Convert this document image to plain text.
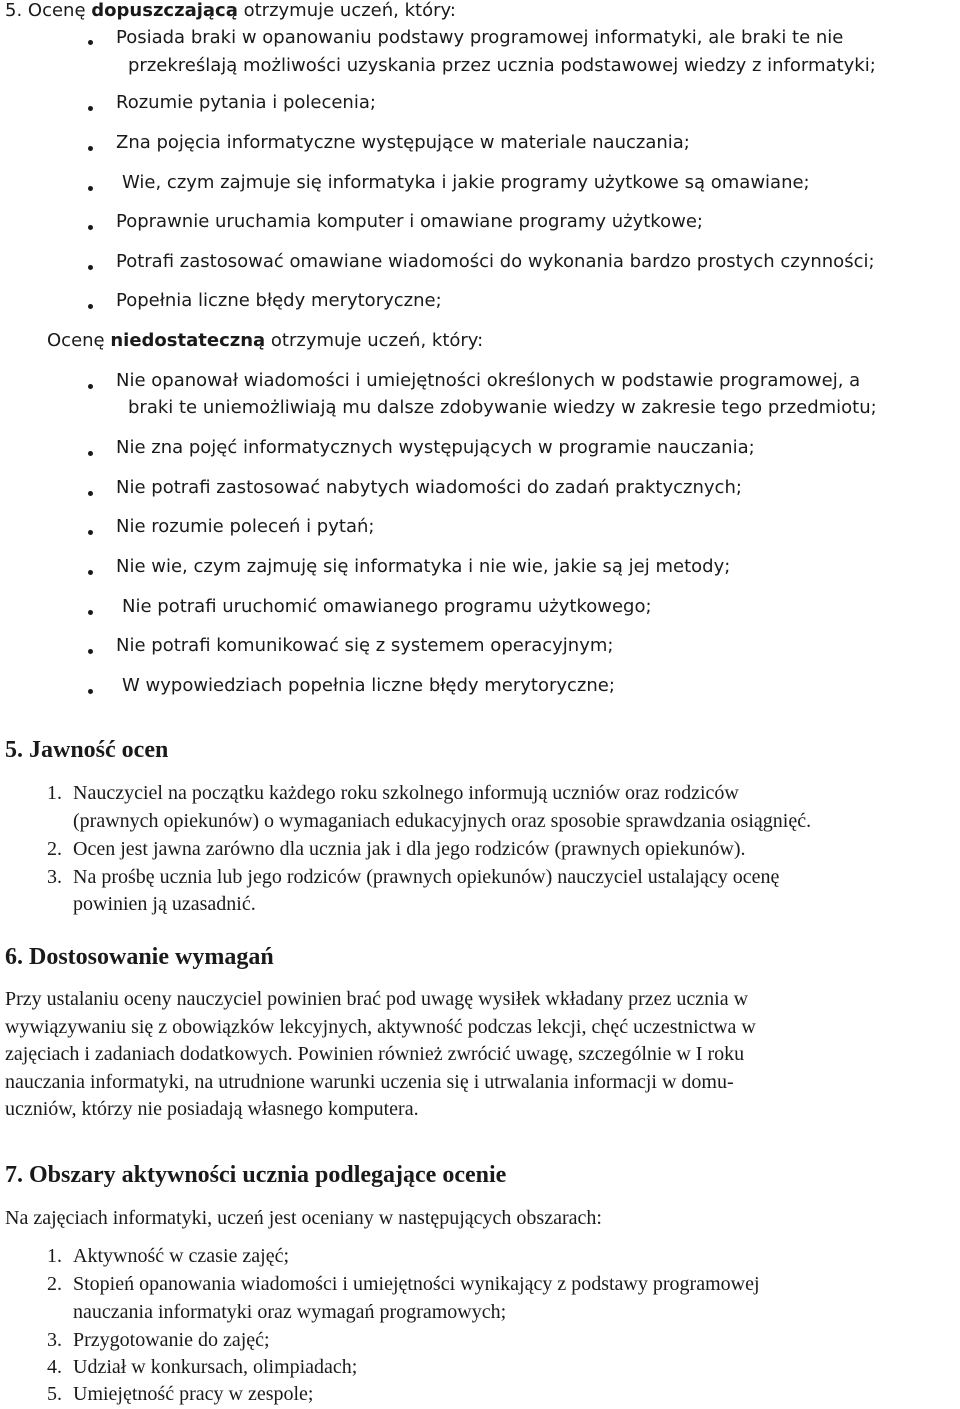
5. Ocenę dopuszczającą otrzymuje uczeń, który:
Posiada braki w opanowaniu podstawy programowej informatyki, ale braki te nie
przekreślają możliwości uzyskania przez ucznia podstawowej wiedzy z informatyki;
Rozumie pytania i polecenia;
Zna pojęcia informatyczne występujące w materiale nauczania;
Wie, czym zajmuje się informatyka i jakie programy użytkowe są omawiane;
Poprawnie uruchamia komputer i omawiane programy użytkowe;
Potrafi zastosować omawiane wiadomości do wykonania bardzo prostych czynności;
Popełnia liczne błędy merytoryczne;
Ocenę niedostateczną otrzymuje uczeń, który:
Nie opanował wiadomości i umiejętności określonych w podstawie programowej, a
braki te uniemożliwiają mu dalsze zdobywanie wiedzy w zakresie tego przedmiotu;
Nie zna pojęć informatycznych występujących w programie nauczania;
Nie potrafi zastosować nabytych wiadomości do zadań praktycznych;
Nie rozumie poleceń i pytań;
Nie wie, czym zajmuję się informatyka i nie wie, jakie są jej metody;
Nie potrafi uruchomić omawianego programu użytkowego;
Nie potrafi komunikować się z systemem operacyjnym;
W wypowiedziach popełnia liczne błędy merytoryczne;
5. Jawność ocen
1. Nauczyciel na początku każdego roku szkolnego informują uczniów oraz rodziców
(prawnych opiekunów) o wymaganiach edukacyjnych oraz sposobie sprawdzania osiągnięć.
2. Ocen jest jawna zarówno dla ucznia jak i dla jego rodziców (prawnych opiekunów).
3. Na prośbę ucznia lub jego rodziców (prawnych opiekunów) nauczyciel ustalający ocenę
powinien ją uzasadnić.
6. Dostosowanie wymagań
Przy ustalaniu oceny nauczyciel powinien brać pod uwagę wysiłek wkładany przez ucznia w
wywiązywaniu się z obowiązków lekcyjnych, aktywność podczas lekcji, chęć uczestnictwa w
zajęciach i zadaniach dodatkowych. Powinien również zwrócić uwagę, szczególnie w I roku
nauczania informatyki, na utrudnione warunki uczenia się i utrwalania informacji w domu-
uczniów, którzy nie posiadają własnego komputera.
7. Obszary aktywności ucznia podlegające ocenie
Na zajęciach informatyki, uczeń jest oceniany w następujących obszarach:
1. Aktywność w czasie zajęć;
2. Stopień opanowania wiadomości i umiejętności wynikający z podstawy programowej
nauczania informatyki oraz wymagań programowych;
3. Przygotowanie do zajęć;
4. Udział w konkursach, olimpiadach;
5. Umiejętność pracy w zespole;
